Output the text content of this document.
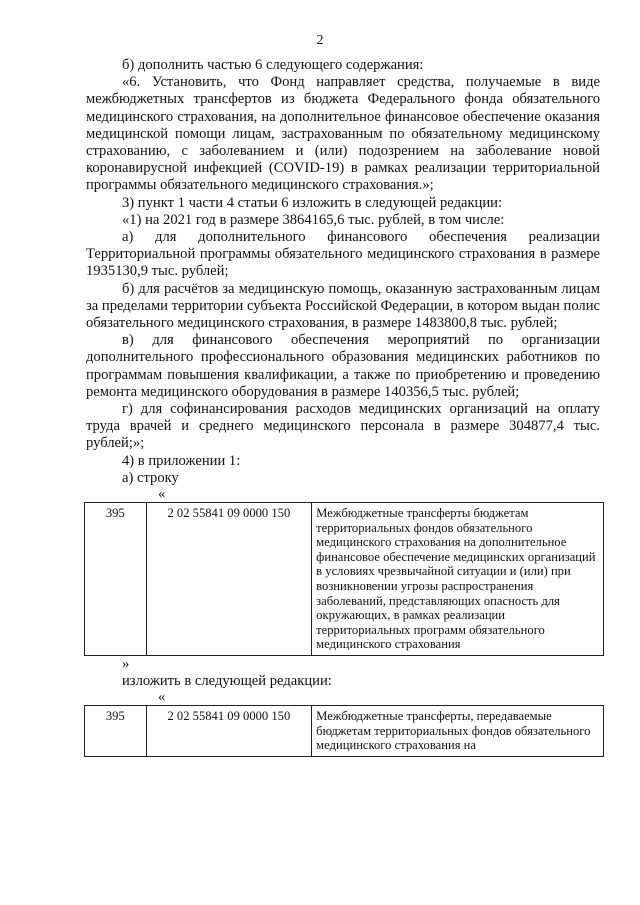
2

б) дополнить частью 6 следующего содержания:

«6. Установить, что Фонд направляет средства, получаемые в виде межбюджетных трансфертов из бюджета Федерального фонда обязательного медицинского страхования, на дополнительное финансовое обеспечение оказания медицинской помощи лицам, застрахованным по обязательному медицинскому страхованию, с заболеванием и (или) подозрением на заболевание новой коронавирусной инфекцией (COVID-19) в рамках реализации территориальной программы обязательного медицинского страхования.»;

3) пункт 1 части 4 статьи 6 изложить в следующей редакции:

«1) на 2021 год в размере 3864165,6 тыс. рублей, в том числе:

а) для дополнительного финансового обеспечения реализации Территориальной программы обязательного медицинского страхования в размере 1935130,9 тыс. рублей;

б) для расчётов за медицинскую помощь, оказанную застрахованным лицам за пределами территории субъекта Российской Федерации, в котором выдан полис обязательного медицинского страхования, в размере 1483800,8 тыс. рублей;

в) для финансового обеспечения мероприятий по организации дополнительного профессионального образования медицинских работников по программам повышения квалификации, а также по приобретению и проведению ремонта медицинского оборудования в размере 140356,5 тыс. рублей;

г) для софинансирования расходов медицинских организаций на оплату труда врачей и среднего медицинского персонала в размере 304877,4 тыс. рублей;»;

4) в приложении 1:

а) строку

«

395	2 02 55841 09 0000 150	Межбюджетные трансферты бюджетам территориальных фондов обязательного медицинского страхования на дополнительное финансовое обеспечение медицинских организаций в условиях чрезвычайной ситуации и (или) при возникновении угрозы распространения заболеваний, представляющих опасность для окружающих, в рамках реализации территориальных программ обязательного медицинского страхования

»

изложить в следующей редакции:

«

395	2 02 55841 09 0000 150	Межбюджетные трансферты, передаваемые бюджетам территориальных фондов обязательного медицинского страхования на
